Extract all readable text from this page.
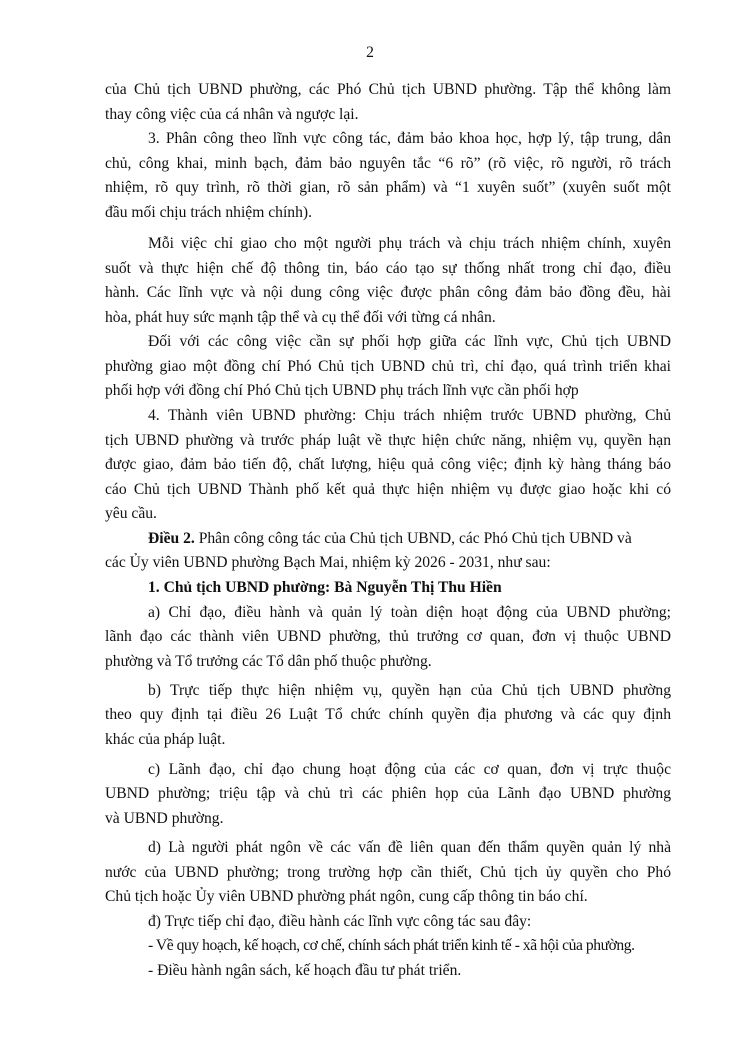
2
của Chủ tịch UBND phường, các Phó Chủ tịch UBND phường. Tập thể không làm
thay công việc của cá nhân và ngược lại.
3. Phân công theo lĩnh vực công tác, đảm bảo khoa học, hợp lý, tập trung, dân
chủ, công khai, minh bạch, đảm bảo nguyên tắc “6 rõ” (rõ việc, rõ người, rõ trách
nhiệm, rõ quy trình, rõ thời gian, rõ sản phẩm) và “1 xuyên suốt” (xuyên suốt một
đầu mối chịu trách nhiệm chính).
Mỗi việc chỉ giao cho một người phụ trách và chịu trách nhiệm chính, xuyên
suốt và thực hiện chế độ thông tin, báo cáo tạo sự thống nhất trong chỉ đạo, điều
hành. Các lĩnh vực và nội dung công việc được phân công đảm bảo đồng đều, hài
hòa, phát huy sức mạnh tập thể và cụ thể đối với từng cá nhân.
Đối với các công việc cần sự phối hợp giữa các lĩnh vực, Chủ tịch UBND
phường giao một đồng chí Phó Chủ tịch UBND chủ trì, chỉ đạo, quá trình triển khai
phối hợp với đồng chí Phó Chủ tịch UBND phụ trách lĩnh vực cần phối hợp
4. Thành viên UBND phường: Chịu trách nhiệm trước UBND phường, Chủ
tịch UBND phường và trước pháp luật về thực hiện chức năng, nhiệm vụ, quyền hạn
được giao, đảm bảo tiến độ, chất lượng, hiệu quả công việc; định kỳ hàng tháng báo
cáo Chủ tịch UBND Thành phố kết quả thực hiện nhiệm vụ được giao hoặc khi có
yêu cầu.
Điều 2. Phân công công tác của Chủ tịch UBND, các Phó Chủ tịch UBND và
các Ủy viên UBND phường Bạch Mai, nhiệm kỳ 2026 - 2031, như sau:
1. Chủ tịch UBND phường: Bà Nguyễn Thị Thu Hiền
a) Chỉ đạo, điều hành và quản lý toàn diện hoạt động của UBND phường;
lãnh đạo các thành viên UBND phường, thủ trưởng cơ quan, đơn vị thuộc UBND
phường và Tổ trưởng các Tổ dân phố thuộc phường.
b) Trực tiếp thực hiện nhiệm vụ, quyền hạn của Chủ tịch UBND phường
theo quy định tại điều 26 Luật Tổ chức chính quyền địa phương và các quy định
khác của pháp luật.
c) Lãnh đạo, chỉ đạo chung hoạt động của các cơ quan, đơn vị trực thuộc
UBND phường; triệu tập và chủ trì các phiên họp của Lãnh đạo UBND phường
và UBND phường.
d) Là người phát ngôn về các vấn đề liên quan đến thẩm quyền quản lý nhà
nước của UBND phường; trong trường hợp cần thiết, Chủ tịch ủy quyền cho Phó
Chủ tịch hoặc Ủy viên UBND phường phát ngôn, cung cấp thông tin báo chí.
đ) Trực tiếp chỉ đạo, điều hành các lĩnh vực công tác sau đây:
- Về quy hoạch, kế hoạch, cơ chế, chính sách phát triển kinh tế - xã hội của phường.
- Điều hành ngân sách, kế hoạch đầu tư phát triển.
